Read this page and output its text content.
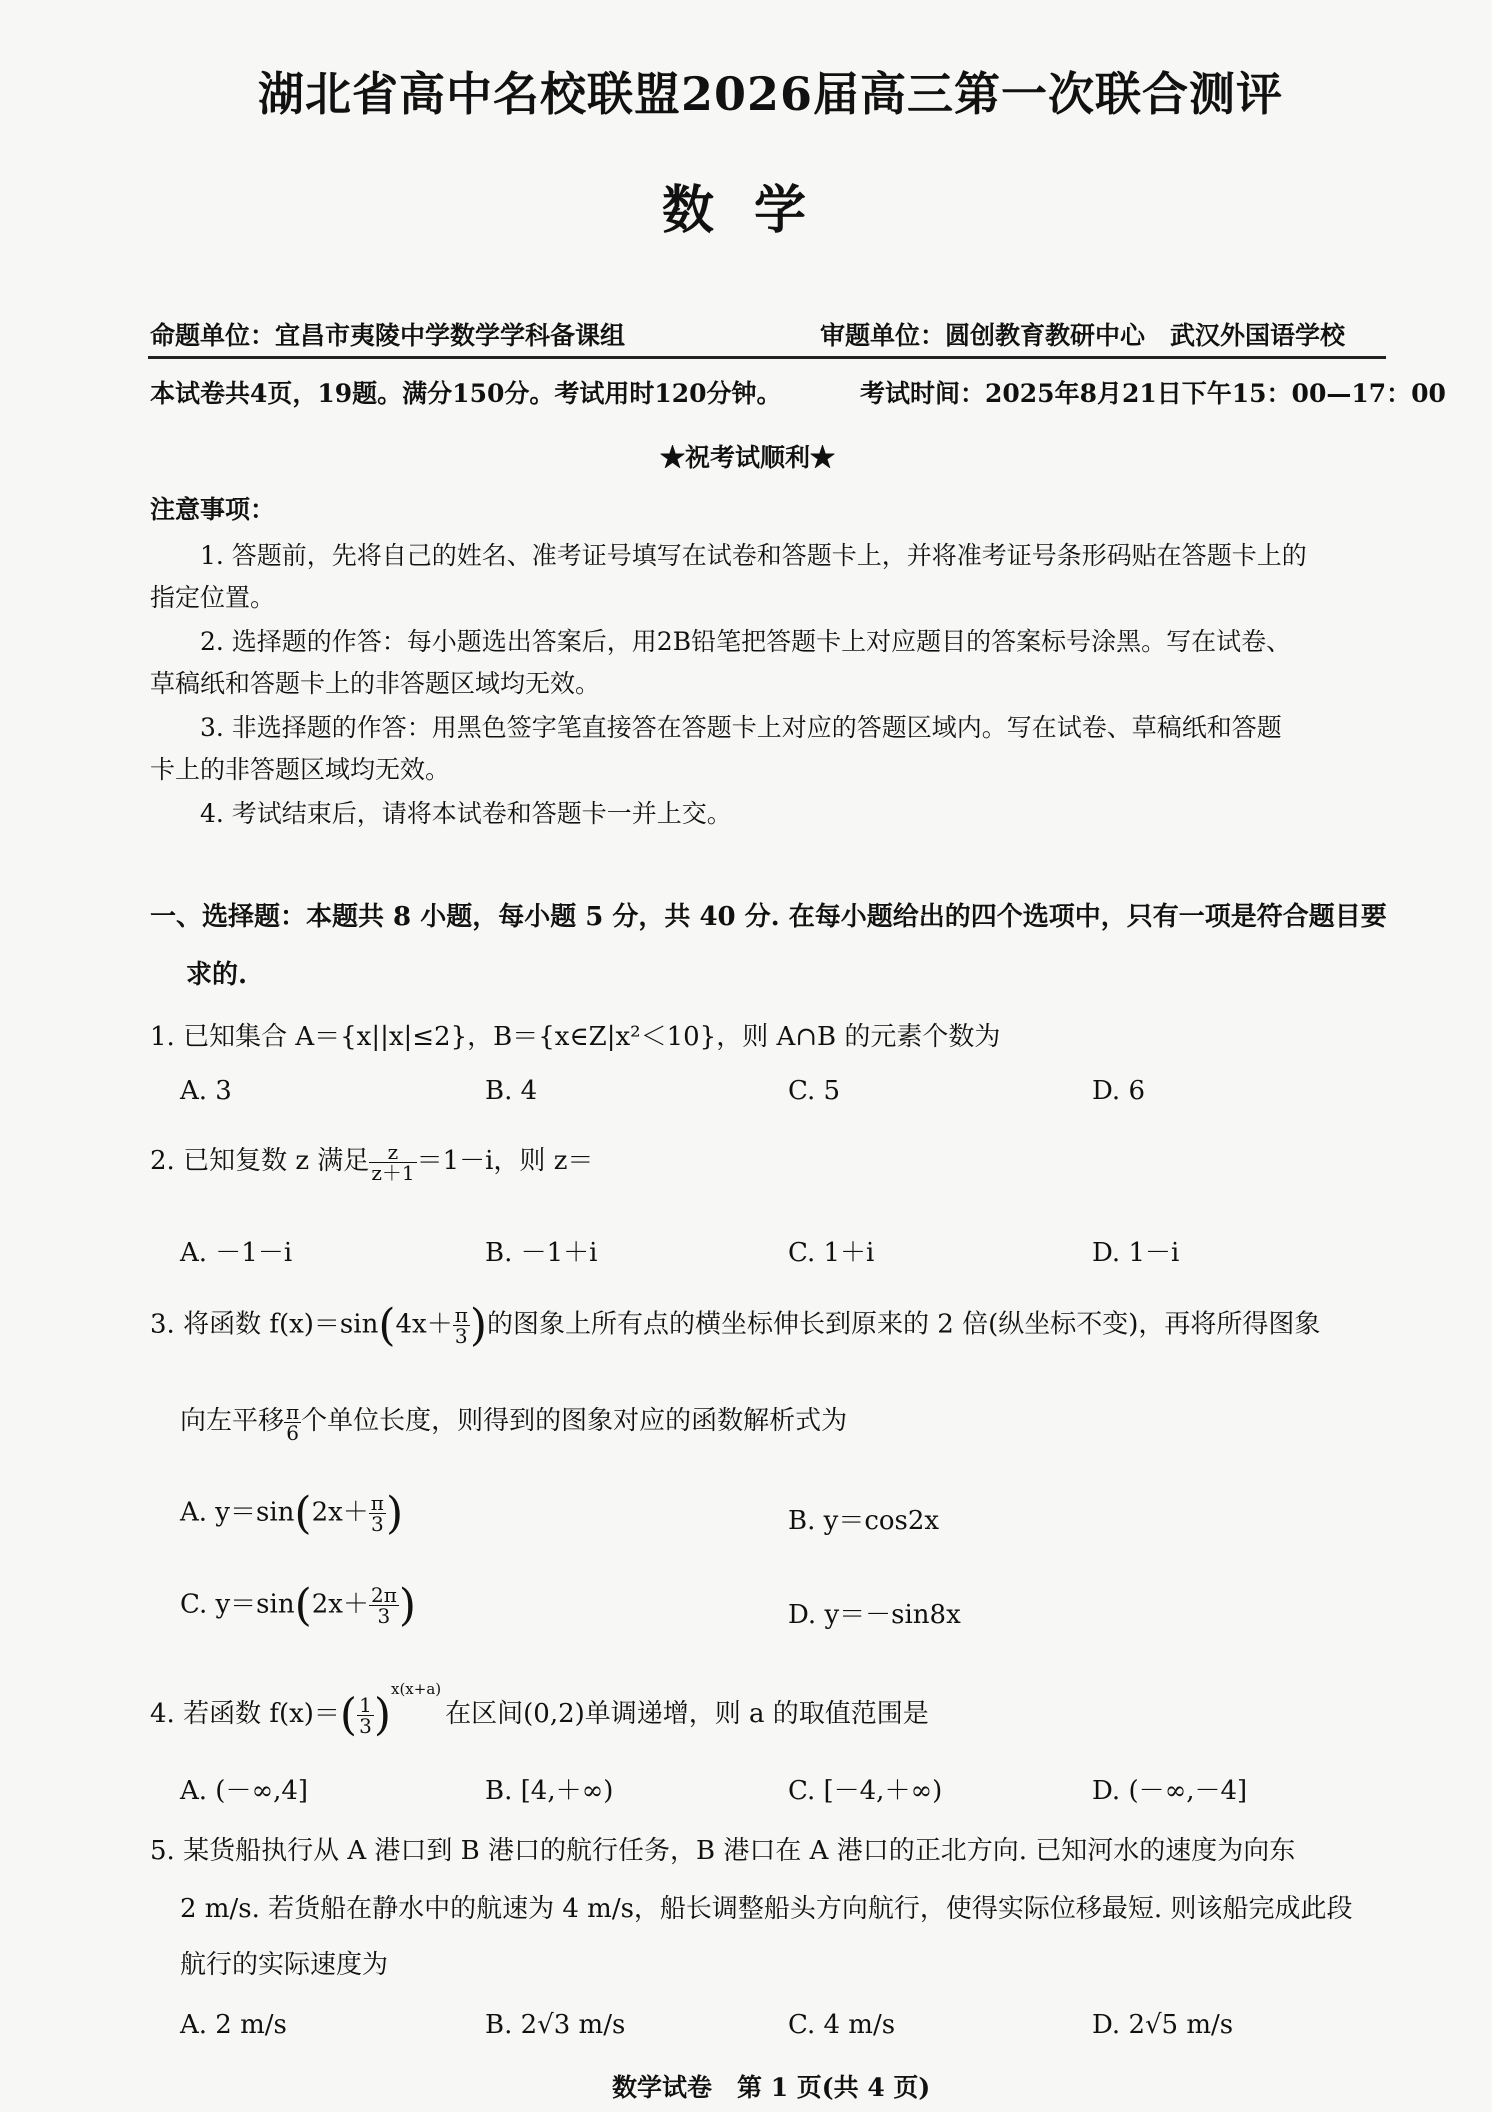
湖北省高中名校联盟2026届高三第一次联合测评
数学
命题单位：宜昌市夷陵中学数学学科备课组	审题单位：圆创教育教研中心　武汉外国语学校
本试卷共4页，19题。满分150分。考试用时120分钟。	考试时间：2025年8月21日下午15：00—17：00
★祝考试顺利★
注意事项：
1. 答题前，先将自己的姓名、准考证号填写在试卷和答题卡上，并将准考证号条形码贴在答题卡上的
指定位置。
2. 选择题的作答：每小题选出答案后，用2B铅笔把答题卡上对应题目的答案标号涂黑。写在试卷、
草稿纸和答题卡上的非答题区域均无效。
3. 非选择题的作答：用黑色签字笔直接答在答题卡上对应的答题区域内。写在试卷、草稿纸和答题
卡上的非答题区域均无效。
4. 考试结束后，请将本试卷和答题卡一并上交。
一、选择题：本题共 8 小题，每小题 5 分，共 40 分. 在每小题给出的四个选项中，只有一项是符合题目要
求的.
1. 已知集合 A＝{x||x|≤2}，B＝{x∈Z|x²＜10}，则 A∩B 的元素个数为
A. 3	B. 4	C. 5	D. 6
2. 已知复数 z 满足 $\frac{z}{z+1} =1-i$，则 z＝
A. －1－i	B. －1＋i	C. 1＋i	D. 1－i
3. 将函数 $f(x)=\sin(4x+ \frac{\pi}{3}$ )的图象上所有点的横坐标伸长到原来的 2 倍(纵坐标不变)，再将所得图象
向左平移 $\frac{\pi}{6}$ 个单位长度，则得到的图象对应的函数解析式为
A. $y=\sin(2x+ \frac{\pi}{3}$ )	B. y＝cos2x
C. $y=\sin(2x+ \frac{2\pi}{3}$ )	D. y＝－sin8x
4. 若函数 $f(x)=( \frac{1}{3} )^{x(x+a)}$在区间(0,2)单调递增，则 a 的取值范围是
A. (－∞,4]	B. [4,＋∞)	C. [－4,＋∞)	D. (－∞,－4]
5. 某货船执行从 A 港口到 B 港口的航行任务，B 港口在 A 港口的正北方向. 已知河水的速度为向东
2 m/s. 若货船在静水中的航速为 4 m/s，船长调整船头方向航行，使得实际位移最短. 则该船完成此段
航行的实际速度为
A. 2 m/s	B. 2√3 m/s	C. 4 m/s	D. 2√5 m/s
数学试卷　第 1 页(共 4 页)
